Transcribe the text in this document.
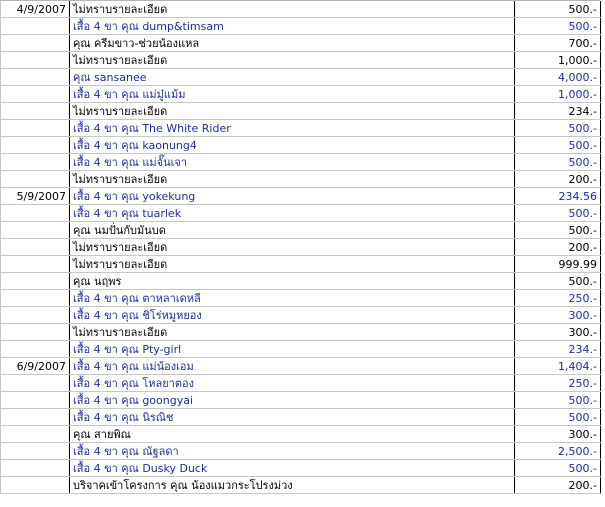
4/9/2007	ไม่ทราบรายละเอียด	500.-
	เสื้อ 4 ขา คุณ dump&timsam	500.-
	คุณ ครีมขาว-ช่วยน้องแหล	700.-
	ไม่ทราบรายละเอียด	1,000.-
	คุณ sansanee	4,000.-
	เสื้อ 4 ขา คุณ แม่มู๋แม้ม	1,000.-
	ไม่ทราบรายละเอียด	234.-
	เสื้อ 4 ขา คุณ The White Rider	500.-
	เสื้อ 4 ขา คุณ kaonung4	500.-
	เสื้อ 4 ขา คุณ แม่จั๊นเจา	500.-
	ไม่ทราบรายละเอียด	200.-
5/9/2007	เสื้อ 4 ขา คุณ yokekung	234.56
	เสื้อ 4 ขา คุณ tuarlek	500.-
	คุณ นมปั่นกับมันบด	500.-
	ไม่ทราบรายละเอียด	200.-
	ไม่ทราบรายละเอียด	999.99
	คุณ นฤพร	500.-
	เสื้อ 4 ขา คุณ ตาหลาเดหลี	250.-
	เสื้อ 4 ขา คุณ ชิโร่หมูหยอง	300.-
	ไม่ทราบรายละเอียด	300.-
	เสื้อ 4 ขา คุณ Pty-girl	234.-
6/9/2007	เสื้อ 4 ขา คุณ แม่น้องเอม	1,404.-
	เสื้อ 4 ขา คุณ โหลยาตอง	250.-
	เสื้อ 4 ขา คุณ goongyai	500.-
	เสื้อ 4 ขา คุณ นิรณิช	500.-
	คุณ สายพิณ	300.-
	เสื้อ 4 ขา คุณ ณัฐลดา	2,500.-
	เสื้อ 4 ขา คุณ Dusky Duck	500.-
	บริจาคเข้าโครงการ คุณ น้องแมวกระโปรงม่วง	200.-
